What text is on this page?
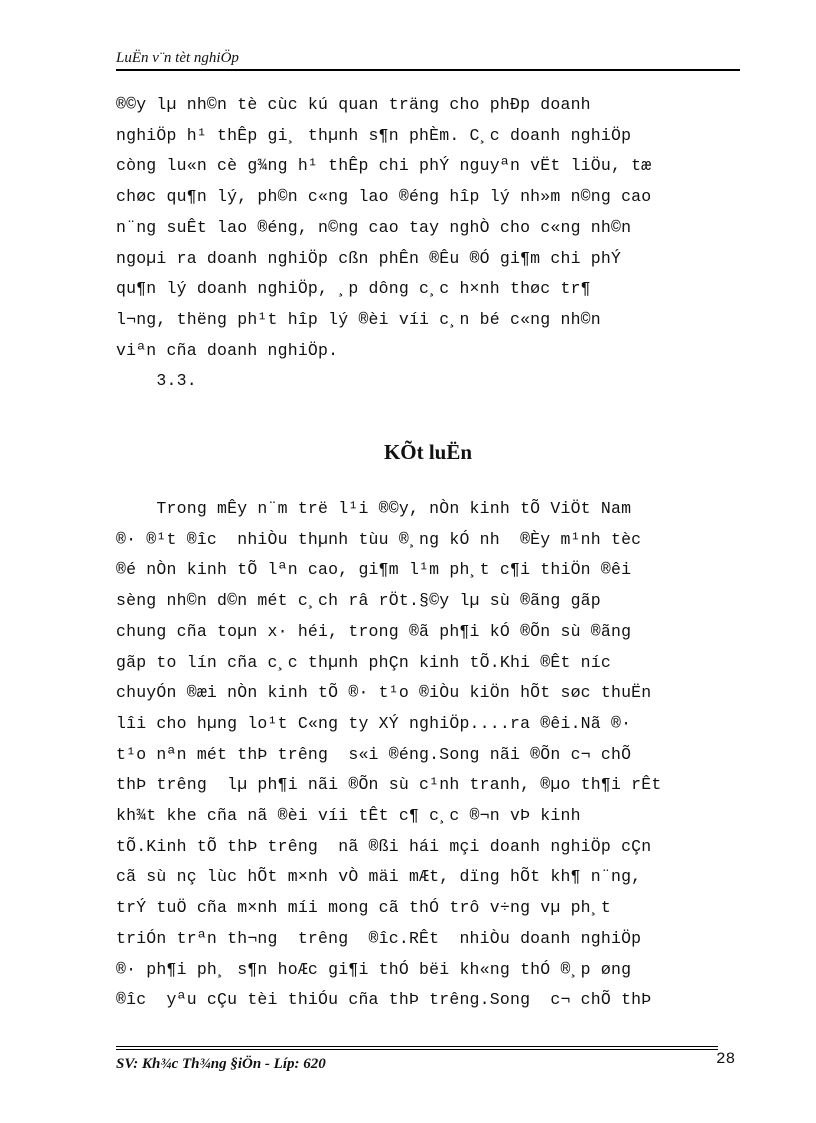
LuËn v¨n tèt nghiÖp
®©y lµ nh©n tè cùc kú quan träng cho phÐp doanh
nghiÖp h¹ thÊp gi¸ thµnh s¶n phÈm. C¸c doanh nghiÖp
còng lu«n cè g¾ng h¹ thÊp chi phÝ nguyªn vËt liÖu, tæ
chøc qu¶n lý, ph©n c«ng lao ®éng hîp lý nh»m n©ng cao
n¨ng suÊt lao ®éng, n©ng cao tay nghÒ cho c«ng nh©n
ngoµi ra doanh nghiÖp cßn phÊn ®Êu ®Ó gi¶m chi phÝ
qu¶n lý doanh nghiÖp, ¸p dông c¸c h×nh thøc tr¶
l¬ng, thëng ph¹t hîp lý ®èi víi c¸n bé c«ng nh©n
viªn cña doanh nghiÖp.
3.3.
KÕt luËn
Trong mÊy n¨m trë l¹i ®©y, nÒn kinh tÕ ViÖt Nam
®· ®¹t ®îc  nhiÒu thµnh tùu ®¸ng kÓ nh  ®Èy m¹nh tèc
®é nÒn kinh tÕ lªn cao, gi¶m l¹m ph¸t c¶i thiÖn ®êi
sèng nh©n d©n mét c¸ch râ rÖt.§©y lµ sù ®ãng gãp
chung cña toµn x· héi, trong ®ã ph¶i kÓ ®Õn sù ®ãng
gãp to lín cña c¸c thµnh phÇn kinh tÕ.Khi ®Êt níc
chuyÓn ®æi nÒn kinh tÕ ®· t¹o ®iÒu kiÖn hÕt søc thuËn
lîi cho hµng lo¹t C«ng ty XÝ nghiÖp....ra ®êi.Nã ®·
t¹o nªn mét thÞ trêng  s«i ®éng.Song nãi ®Õn c¬ chÕ
thÞ trêng  lµ ph¶i nãi ®Õn sù c¹nh tranh, ®µo th¶i rÊt
kh¾t khe cña nã ®èi víi tÊt c¶ c¸c ®¬n vÞ kinh
tÕ.Kinh tÕ thÞ trêng  nã ®ßi hái mçi doanh nghiÖp cÇn
cã sù nç lùc hÕt m×nh vÒ mäi mÆt, dïng hÕt kh¶ n¨ng,
trÝ tuÖ cña m×nh míi mong cã thÓ trô v÷ng vµ ph¸t
triÓn trªn th¬ng  trêng  ®îc.RÊt  nhiÒu doanh nghiÖp
®· ph¶i ph¸ s¶n hoÆc gi¶i thÓ bëi kh«ng thÓ ®¸p øng
®îc  yªu cÇu tèi thiÓu cña thÞ trêng.Song  c¬ chÕ thÞ
SV: Kh¾c Th¾ng §iÖn - Líp: 620	28
